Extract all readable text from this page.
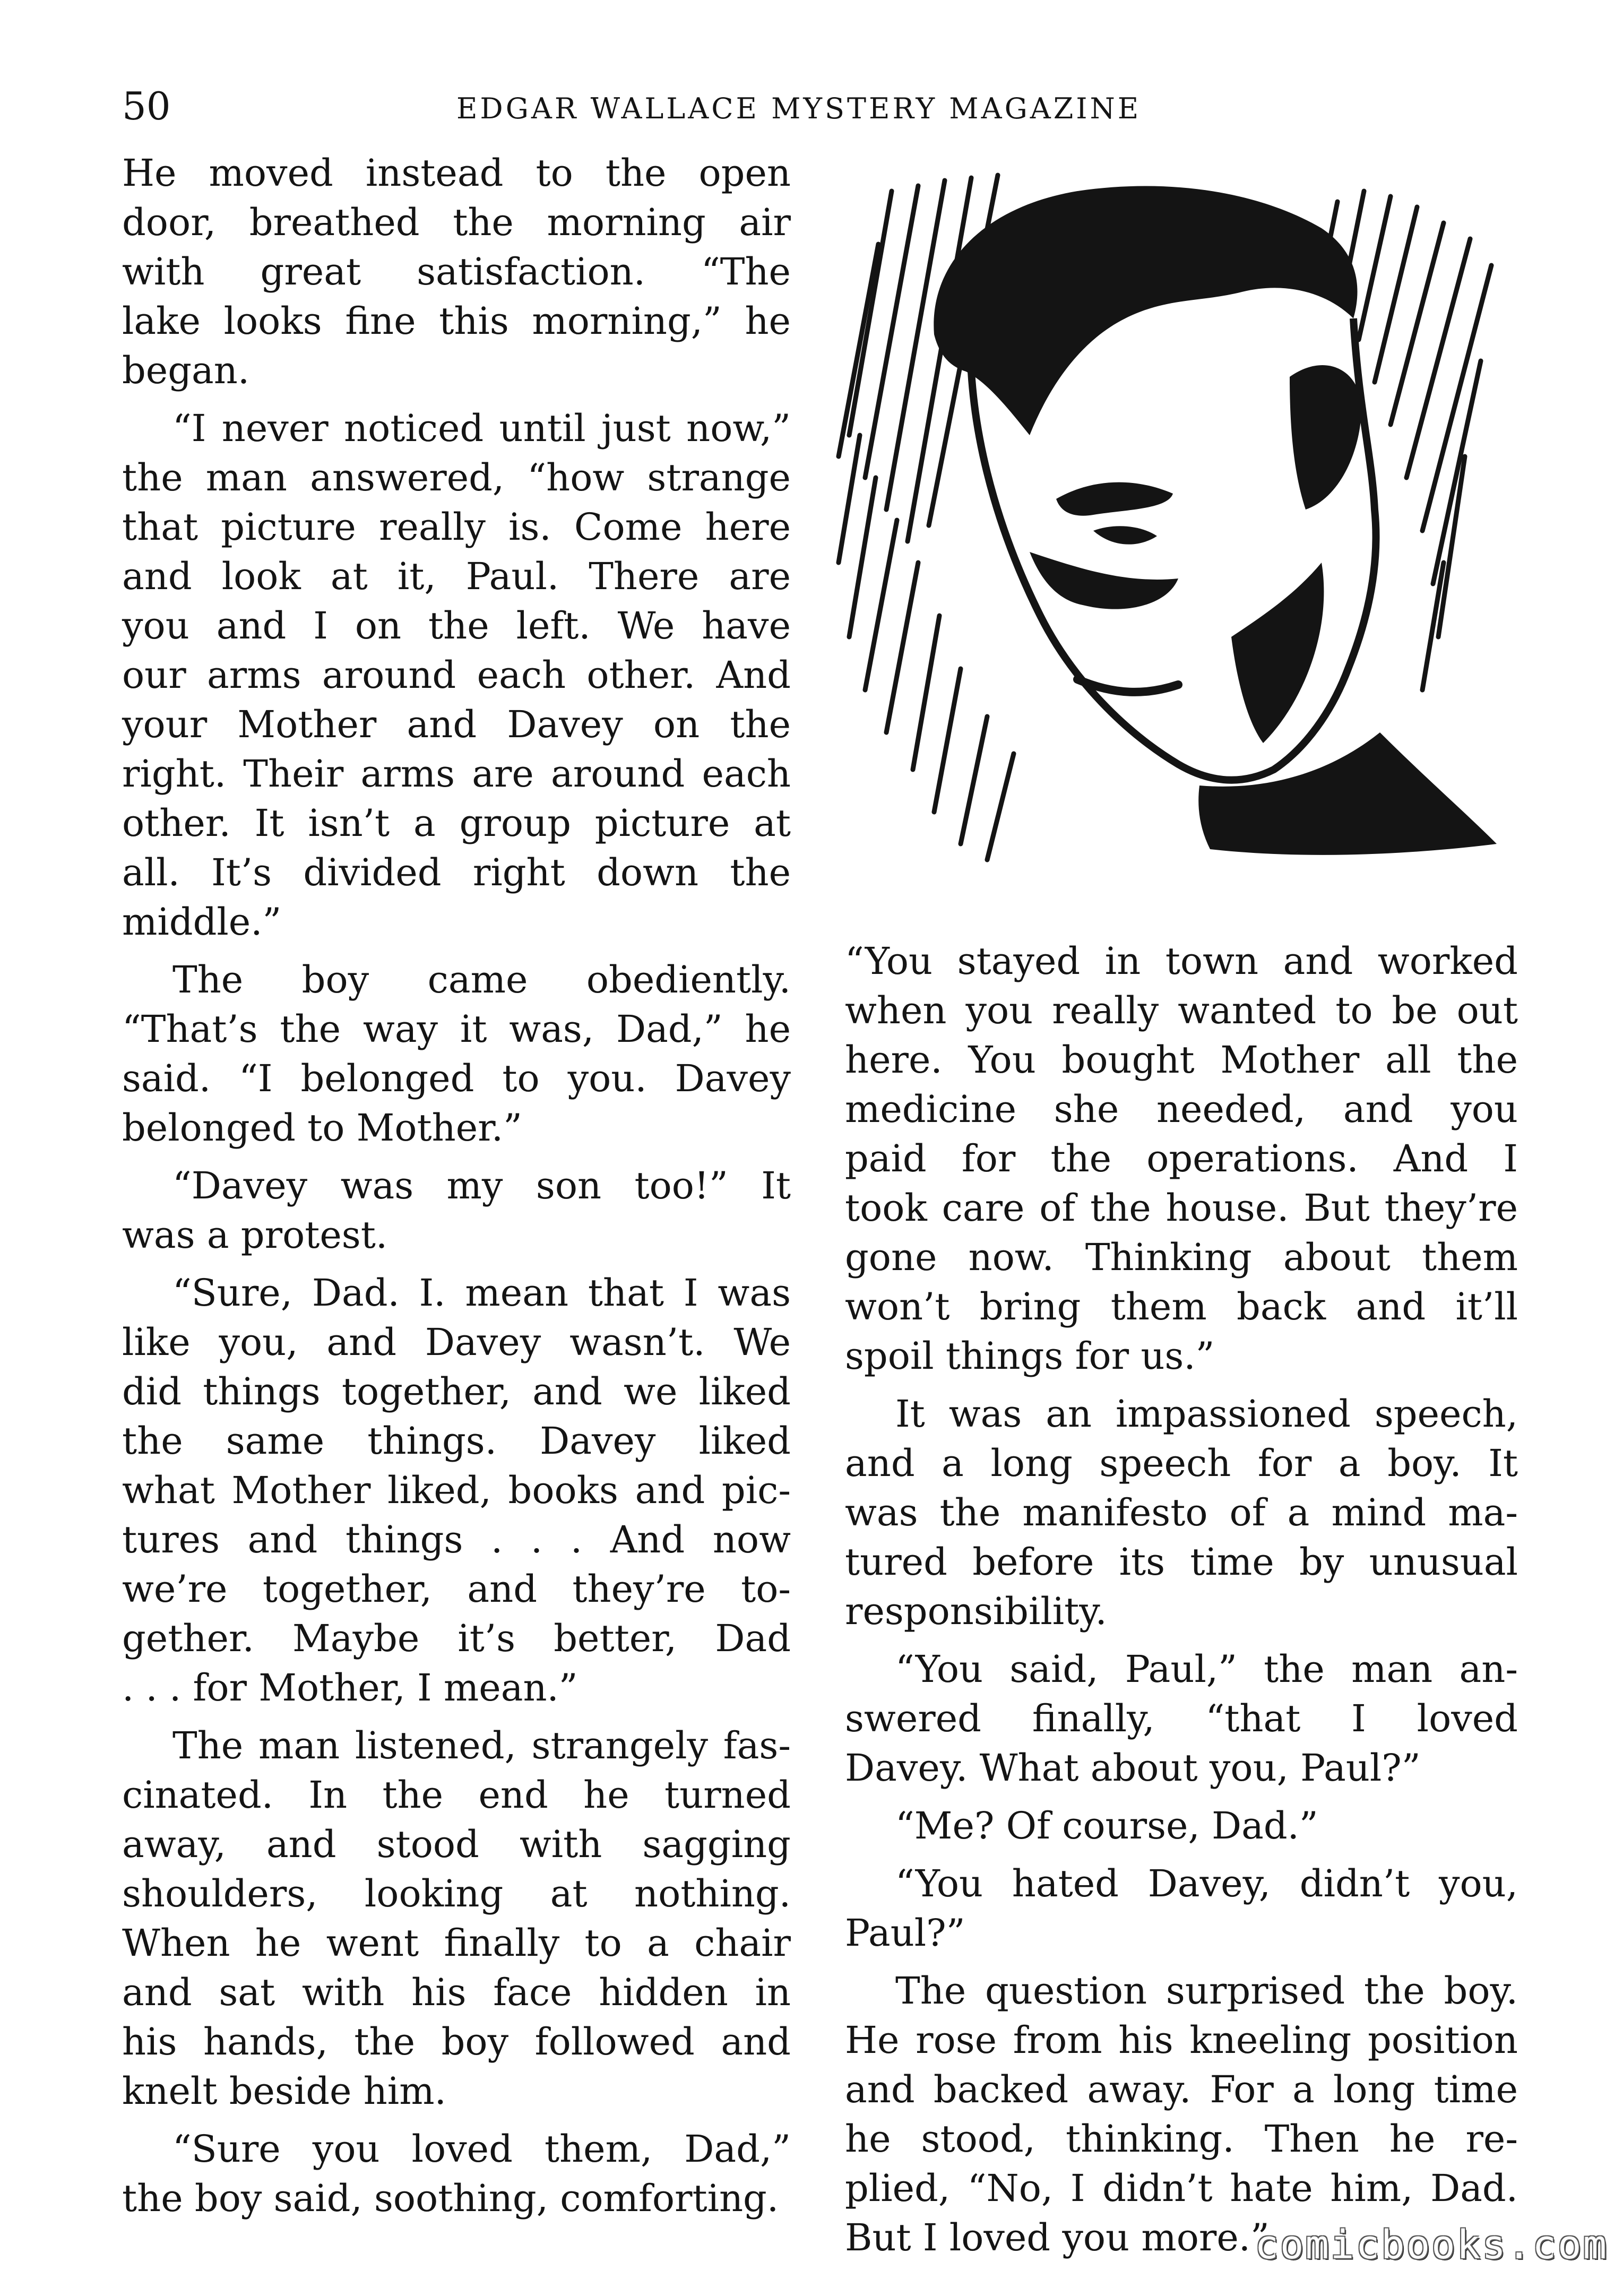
50	EDGAR WALLACE MYSTERY MAGAZINE

He moved instead to the open
door, breathed the morning air
with great satisfaction. “The
lake looks fine this morning,” he
began.

“I never noticed until just now,”
the man answered, “how strange
that picture really is. Come here
and look at it, Paul. There are
you and I on the left. We have
our arms around each other. And
your Mother and Davey on the
right. Their arms are around each
other. It isn’t a group picture at
all. It’s divided right down the
middle.”

The boy came obediently.
“That’s the way it was, Dad,” he
said. “I belonged to you. Davey
belonged to Mother.”

“Davey was my son too!” It
was a protest.

“Sure, Dad. I. mean that I was
like you, and Davey wasn’t. We
did things together, and we liked
the same things. Davey liked
what Mother liked, books and pic-
tures and things . . . And now
we’re together, and they’re to-
gether. Maybe it’s better, Dad
. . . for Mother, I mean.”

The man listened, strangely fas-
cinated. In the end he turned
away, and stood with sagging
shoulders, looking at nothing.
When he went finally to a chair
and sat with his face hidden in
his hands, the boy followed and
knelt beside him.

“Sure you loved them, Dad,”
the boy said, soothing, comforting.

“You stayed in town and worked
when you really wanted to be out
here. You bought Mother all the
medicine she needed, and you
paid for the operations. And I
took care of the house. But they’re
gone now. Thinking about them
won’t bring them back and it’ll
spoil things for us.”

It was an impassioned speech,
and a long speech for a boy. It
was the manifesto of a mind ma-
tured before its time by unusual
responsibility.

“You said, Paul,” the man an-
swered finally, “that I loved
Davey. What about you, Paul?”

“Me? Of course, Dad.”

“You hated Davey, didn’t you,
Paul?”

The question surprised the boy.
He rose from his kneeling position
and backed away. For a long time
he stood, thinking. Then he re-
plied, “No, I didn’t hate him, Dad.
But I loved you more.”

comicbooks.com
